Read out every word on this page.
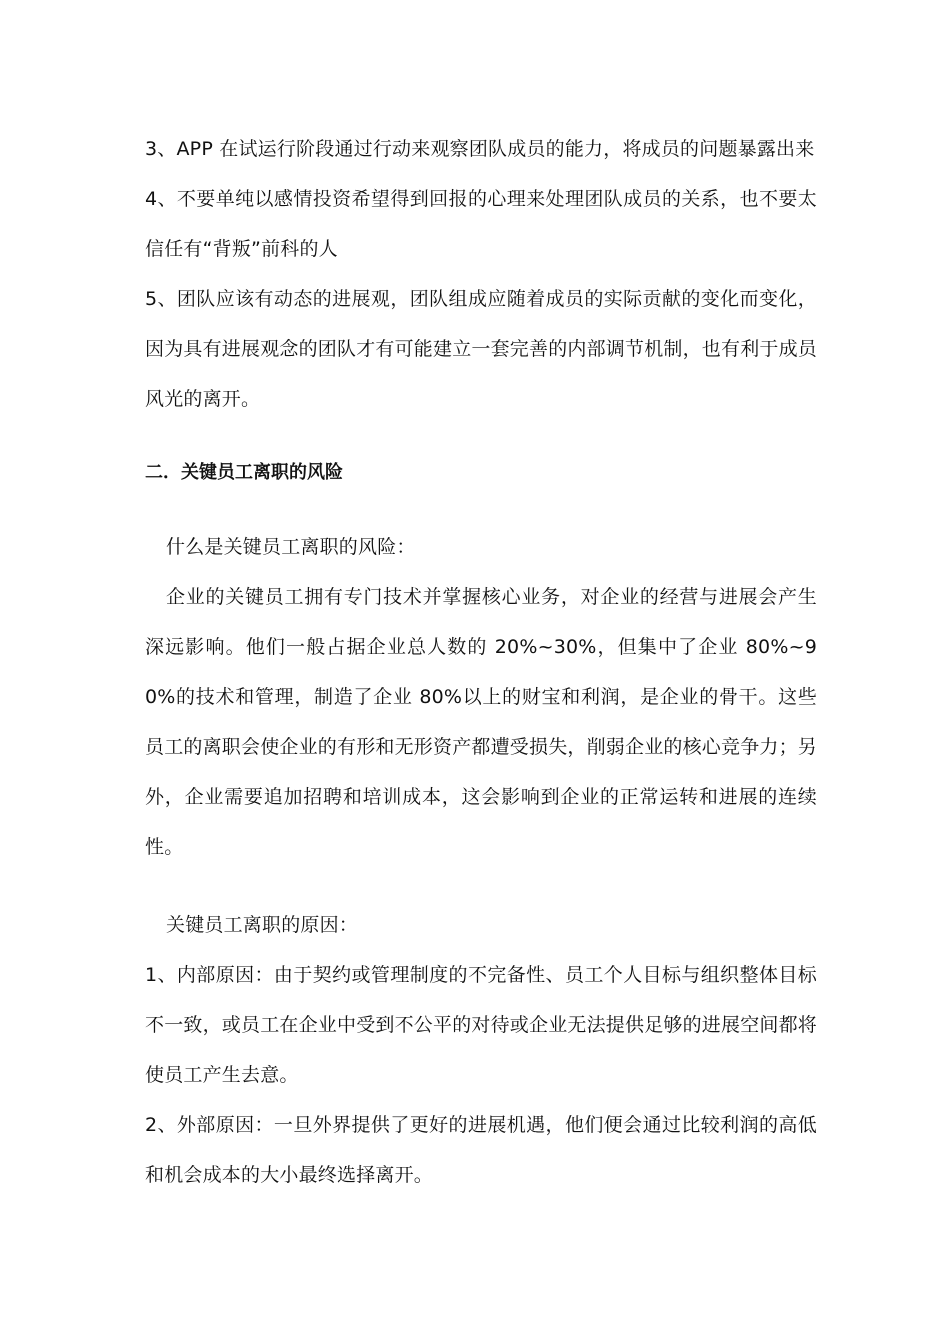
3、APP 在试运行阶段通过行动来观察团队成员的能力，将成员的问题暴露出来

4、不要单纯以感情投资希望得到回报的心理来处理团队成员的关系，也不要太信任有“背叛”前科的人

5、团队应该有动态的进展观，团队组成应随着成员的实际贡献的变化而变化，因为具有进展观念的团队才有可能建立一套完善的内部调节机制，也有利于成员风光的离开。

二．关键员工离职的风险

什么是关键员工离职的风险：

企业的关键员工拥有专门技术并掌握核心业务，对企业的经营与进展会产生深远影响。他们一般占据企业总人数的 20%~30%，但集中了企业 80%~90%的技术和管理，制造了企业 80%以上的财宝和利润，是企业的骨干。这些员工的离职会使企业的有形和无形资产都遭受损失，削弱企业的核心竞争力；另外，企业需要追加招聘和培训成本，这会影响到企业的正常运转和进展的连续性。

关键员工离职的原因：

1、内部原因：由于契约或管理制度的不完备性、员工个人目标与组织整体目标不一致，或员工在企业中受到不公平的对待或企业无法提供足够的进展空间都将使员工产生去意。

2、外部原因：一旦外界提供了更好的进展机遇，他们便会通过比较利润的高低和机会成本的大小最终选择离开。
